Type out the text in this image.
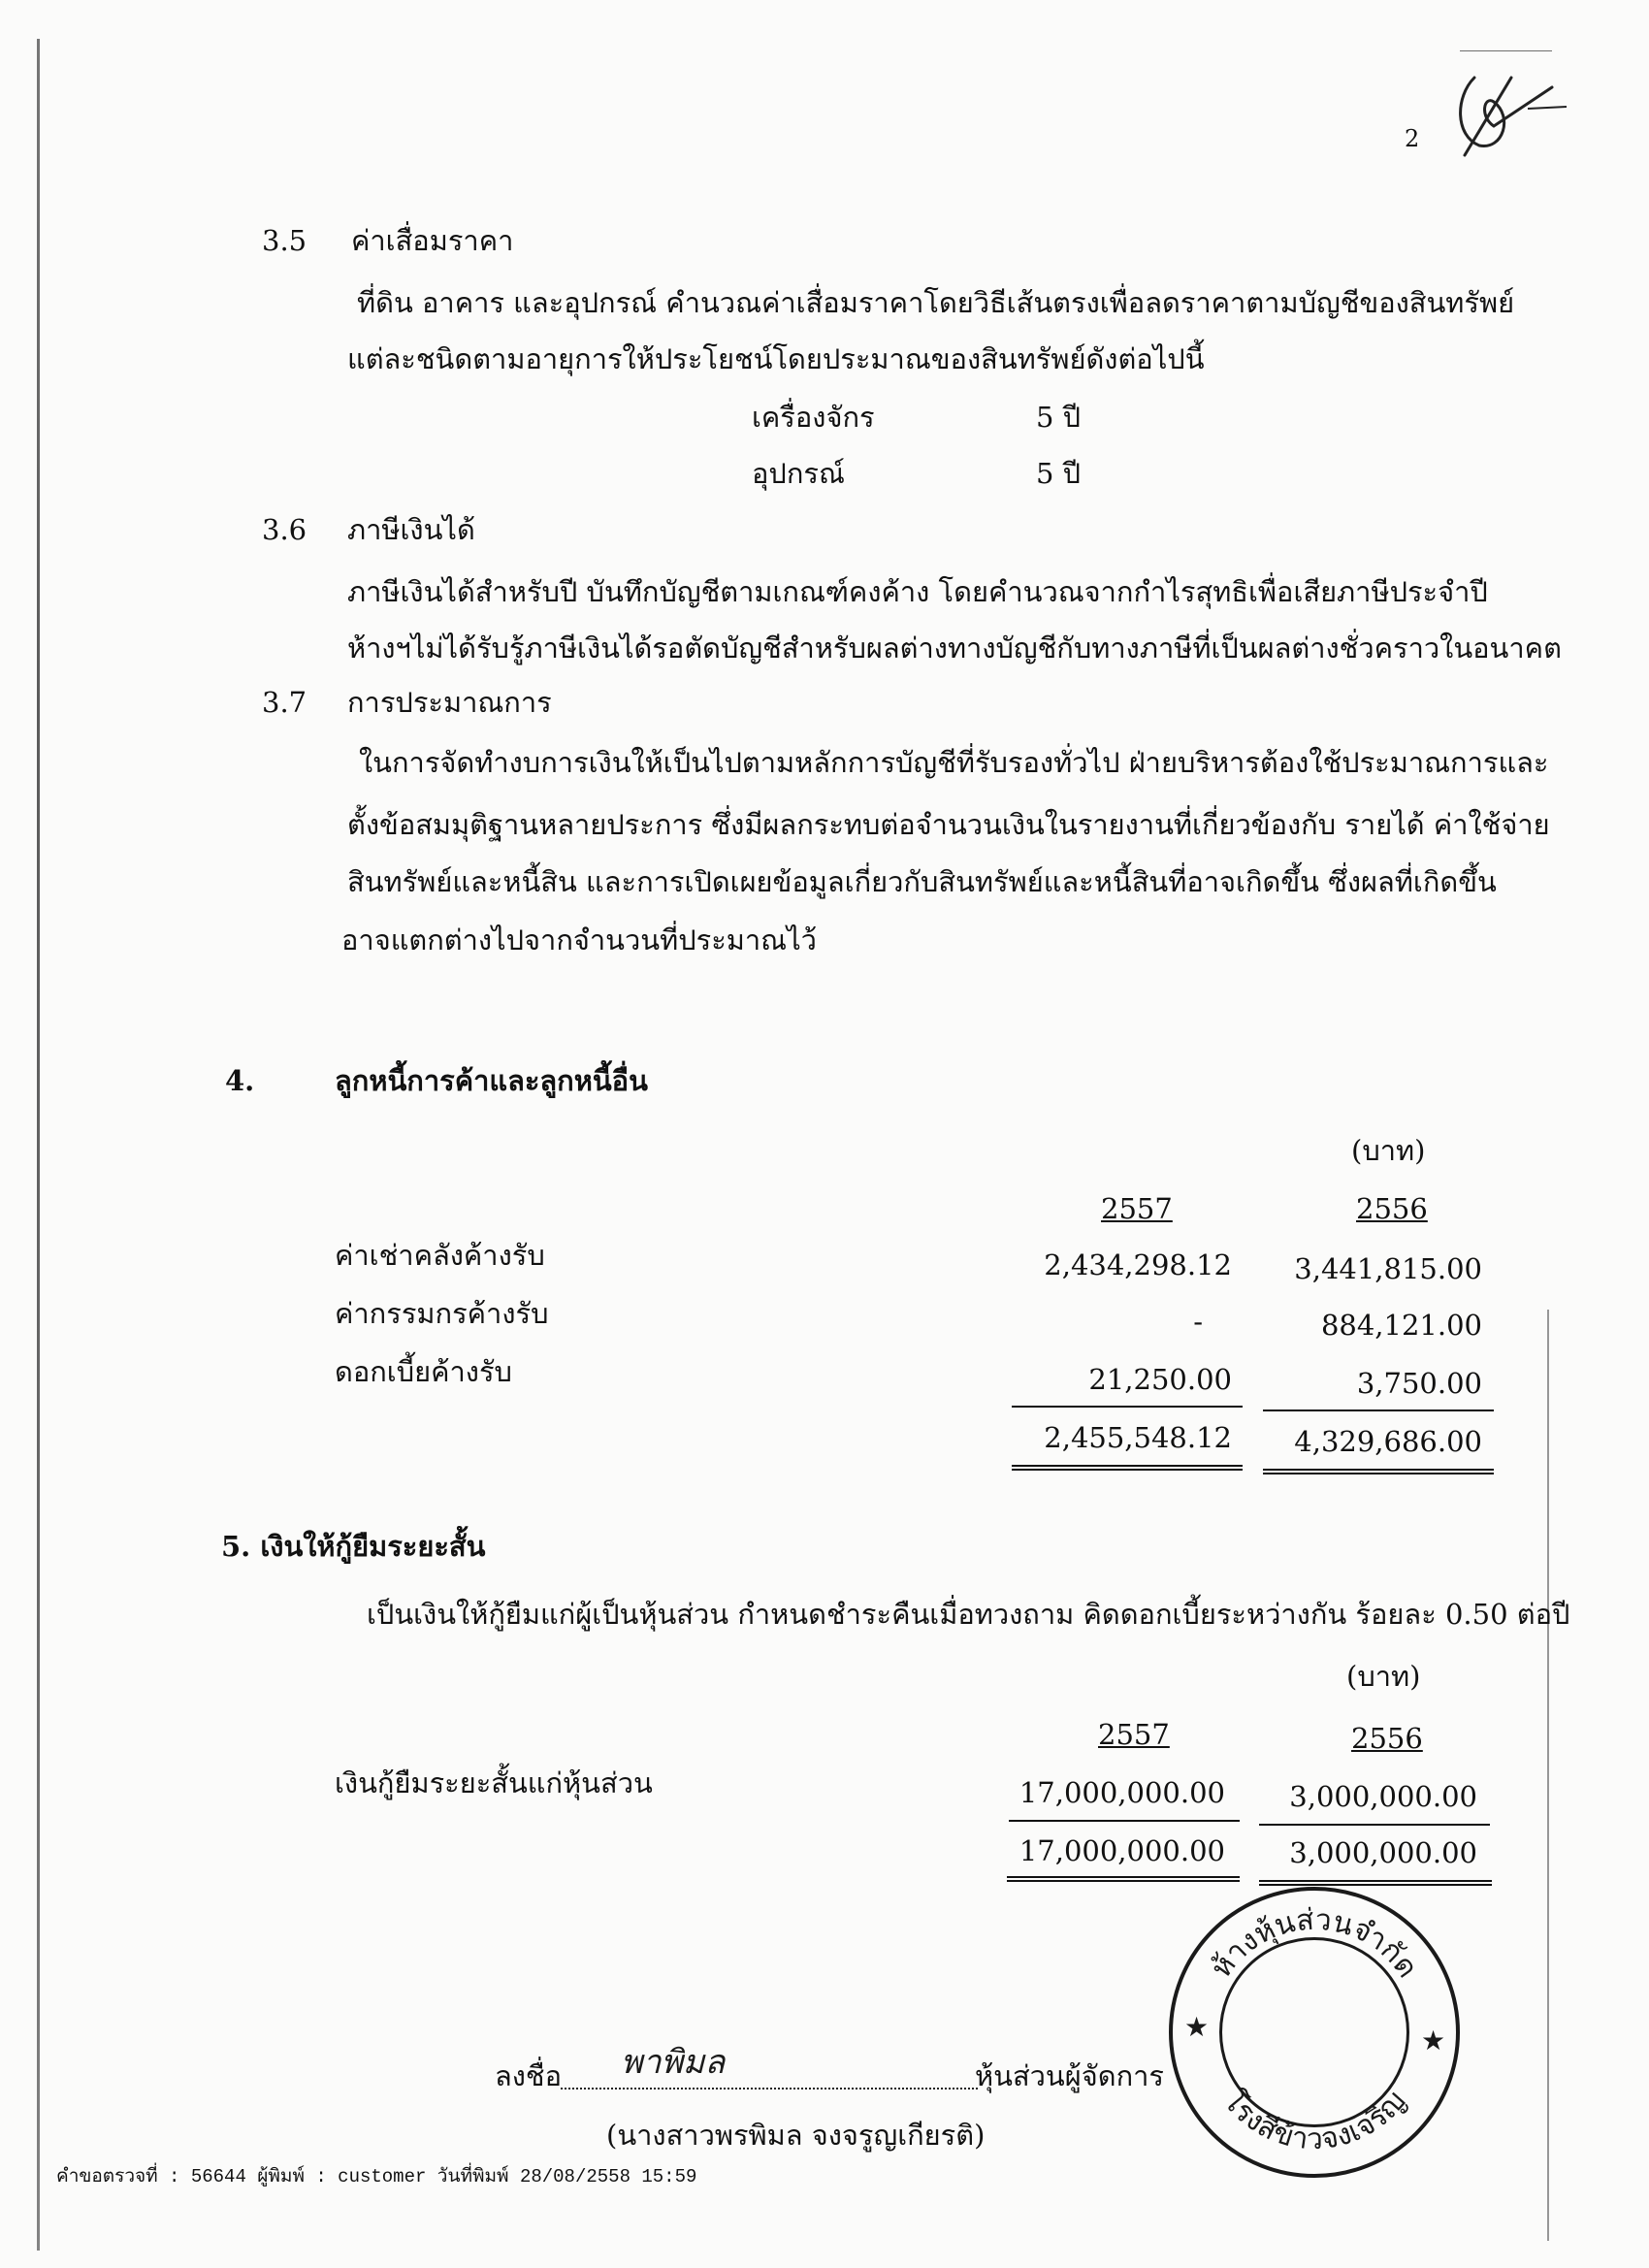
2
3.5 ค่าเสื่อมราคา
ที่ดิน อาคาร และอุปกรณ์ คำนวณค่าเสื่อมราคาโดยวิธีเส้นตรงเพื่อลดราคาตามบัญชีของสินทรัพย์
แต่ละชนิดตามอายุการให้ประโยชน์โดยประมาณของสินทรัพย์ดังต่อไปนี้
เครื่องจักร	5 ปี
อุปกรณ์	5 ปี
3.6 ภาษีเงินได้
ภาษีเงินได้สำหรับปี บันทึกบัญชีตามเกณฑ์คงค้าง โดยคำนวณจากกำไรสุทธิเพื่อเสียภาษีประจำปี
ห้างฯไม่ได้รับรู้ภาษีเงินได้รอตัดบัญชีสำหรับผลต่างทางบัญชีกับทางภาษีที่เป็นผลต่างชั่วคราวในอนาคต
3.7 การประมาณการ
ในการจัดทำงบการเงินให้เป็นไปตามหลักการบัญชีที่รับรองทั่วไป ฝ่ายบริหารต้องใช้ประมาณการและ
ตั้งข้อสมมุติฐานหลายประการ ซึ่งมีผลกระทบต่อจำนวนเงินในรายงานที่เกี่ยวข้องกับ รายได้ ค่าใช้จ่าย
สินทรัพย์และหนี้สิน และการเปิดเผยข้อมูลเกี่ยวกับสินทรัพย์และหนี้สินที่อาจเกิดขึ้น ซึ่งผลที่เกิดขึ้น
อาจแตกต่างไปจากจำนวนที่ประมาณไว้
4.	ลูกหนี้การค้าและลูกหนี้อื่น
(บาท)
2557	2556
ค่าเช่าคลังค้างรับ	2,434,298.12	3,441,815.00
ค่ากรรมกรค้างรับ	-	884,121.00
ดอกเบี้ยค้างรับ	21,250.00	3,750.00
2,455,548.12	4,329,686.00
5. เงินให้กู้ยืมระยะสั้น
เป็นเงินให้กู้ยืมแก่ผู้เป็นหุ้นส่วน กำหนดชำระคืนเมื่อทวงถาม คิดดอกเบี้ยระหว่างกัน ร้อยละ 0.50 ต่อปี
(บาท)
2557	2556
เงินกู้ยืมระยะสั้นแก่หุ้นส่วน	17,000,000.00	3,000,000.00
17,000,000.00	3,000,000.00
ลงชื่อ พาพิมล	หุ้นส่วนผู้จัดการ
(นางสาวพรพิมล จงจรูญเกียรติ)
ห้างหุ้นส่วนจำกัด
โรงสีข้าวจงเจริญ
★	★
คำขอตรวจที่ : 56644 ผู้พิมพ์ : customer วันที่พิมพ์ 28/08/2558 15:59
